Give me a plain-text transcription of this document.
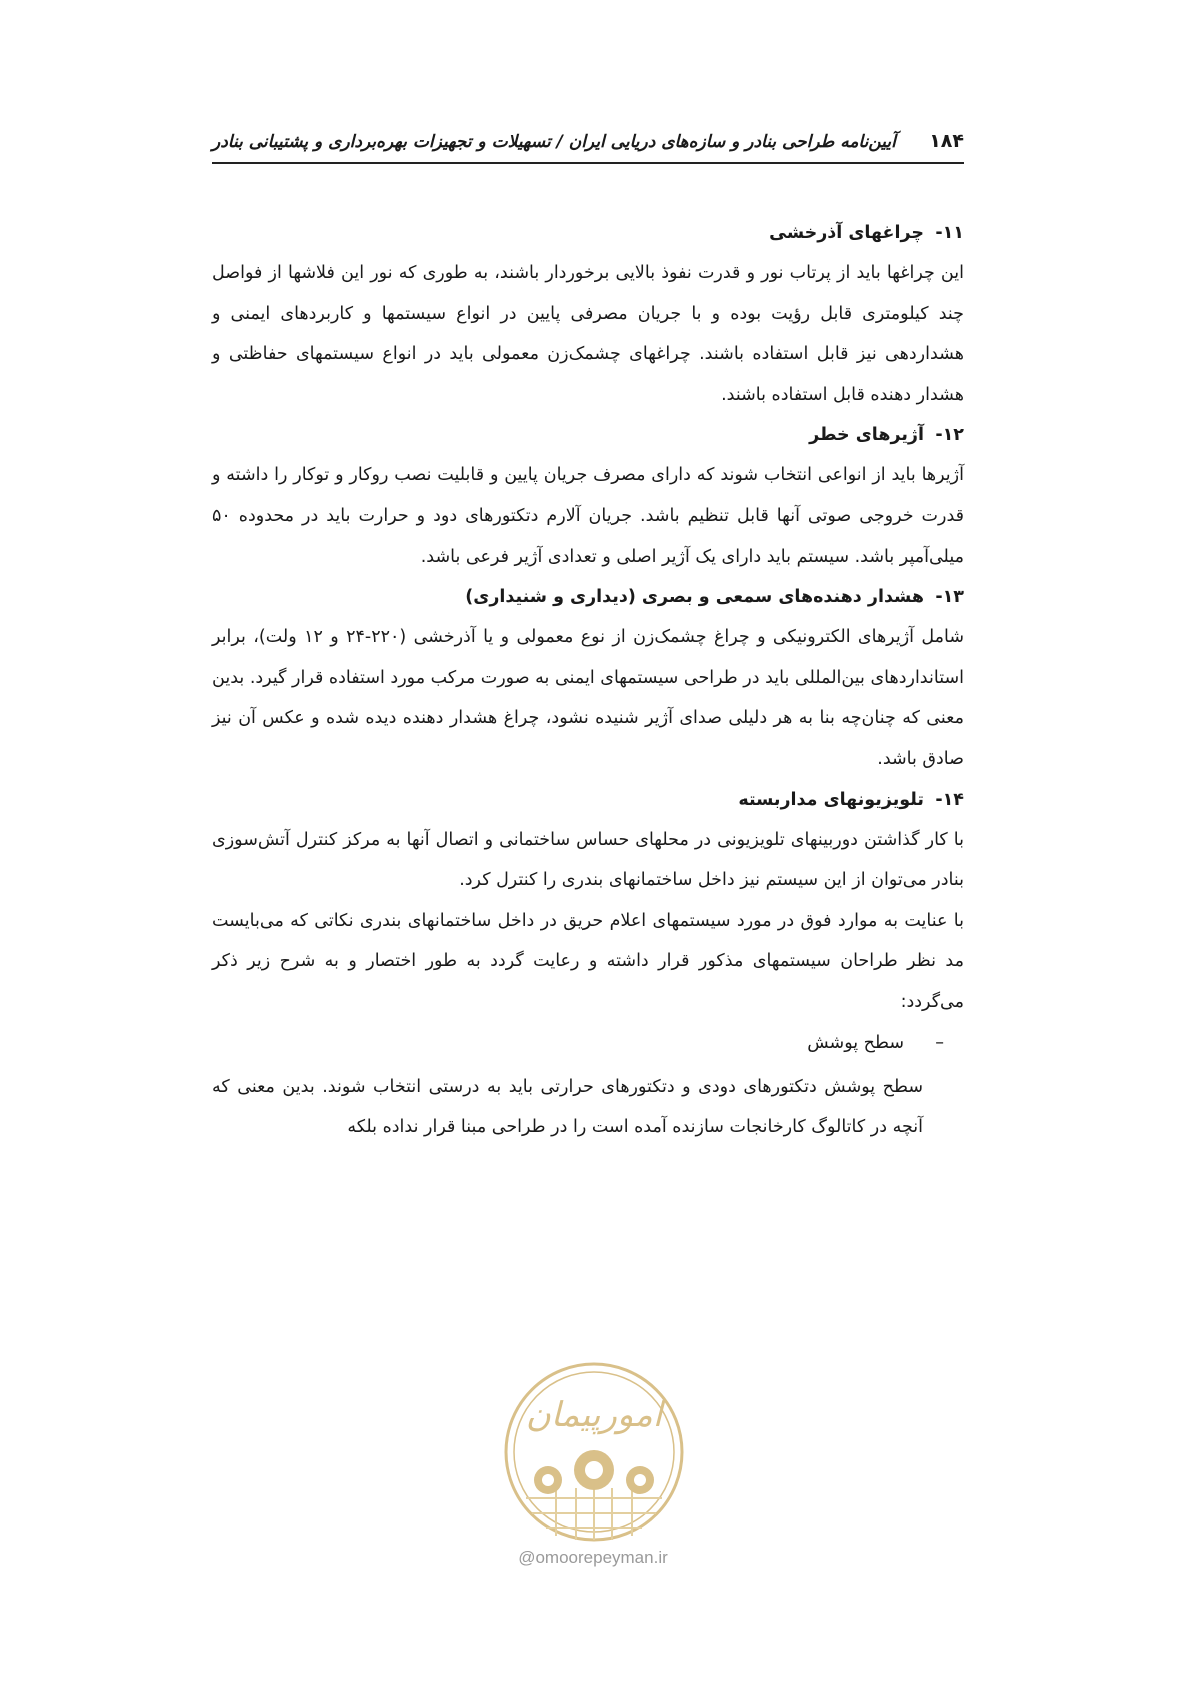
۱۸۴
آیین‌نامه طراحی بنادر و سازه‌های دریایی ایران / تسهیلات و تجهیزات بهره‌برداری و پشتیبانی بنادر
۱۱-چراغهای آذرخشی

این چراغها باید از پرتاب نور و قدرت نفوذ بالایی برخوردار باشند، به طوری که نور این فلاشها از فواصل چند کیلومتری قابل رؤیت بوده و با جریان مصرفی پایین در انواع سیستمها و کاربردهای ایمنی و هشداردهی نیز قابل استفاده باشند. چراغهای چشمک‌زن معمولی باید در انواع سیستمهای حفاظتی و هشدار دهنده قابل استفاده باشند.

۱۲-آژیرهای خطر

آژیرها باید از انواعی انتخاب شوند که دارای مصرف جریان پایین و قابلیت نصب روکار و توکار را داشته و قدرت خروجی صوتی آنها قابل تنظیم باشد. جریان آلارم دتکتورهای دود و حرارت باید در محدوده ۵۰ میلی‌آمپر باشد. سیستم باید دارای یک آژیر اصلی و تعدادی آژیر فرعی باشد.

۱۳-هشدار دهنده‌های سمعی و بصری (دیداری و شنیداری)

شامل آژیرهای الکترونیکی و چراغ چشمک‌زن از نوع معمولی و یا آذرخشی (۲۲۰-۲۴ و ۱۲ ولت)، برابر استانداردهای بین‌المللی باید در طراحی سیستمهای ایمنی به صورت مرکب مورد استفاده قرار گیرد. بدین معنی که چنان‌چه بنا به هر دلیلی صدای آژیر شنیده نشود، چراغ هشدار دهنده دیده شده و عکس آن نیز صادق باشد.

۱۴-تلویزیونهای مداربسته

با کار گذاشتن دوربینهای تلویزیونی در محلهای حساس ساختمانی و اتصال آنها به مرکز کنترل آتش‌سوزی بنادر می‌توان از این سیستم نیز داخل ساختمانهای بندری را کنترل کرد.

با عنایت به موارد فوق در مورد سیستمهای اعلام حریق در داخل ساختمانهای بندری نکاتی که می‌بایست مد نظر طراحان سیستمهای مذکور قرار داشته و رعایت گردد به طور اختصار و به شرح زیر ذکر می‌گردد:

–سطح پوشش

سطح پوشش دتکتورهای دودی و دتکتورهای حرارتی باید به درستی انتخاب شوند. بدین معنی که آنچه در کاتالوگ کارخانجات سازنده آمده است را در طراحی مبنا قرار نداده بلکه

امورپیمان
@omoorepeyman.ir
